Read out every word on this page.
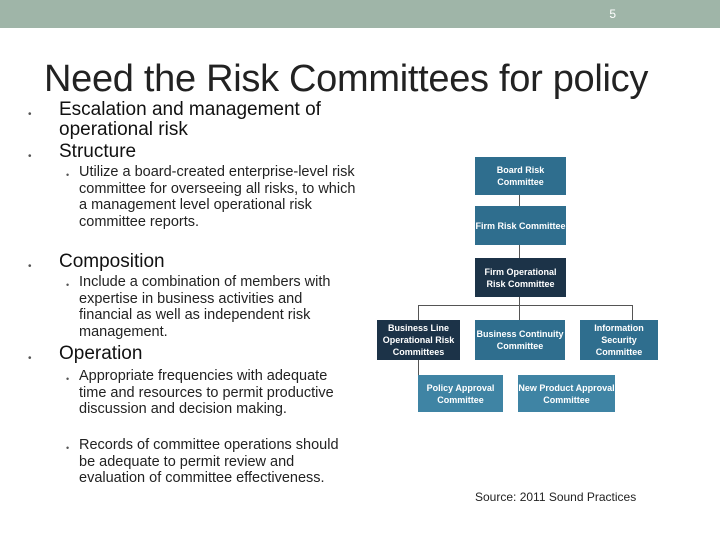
5
Need the Risk Committees for policy
•	Escalation and management of operational risk
•	Structure
• Utilize a board-created enterprise-level risk committee for overseeing all risks, to which a management level operational risk committee reports.
•	Composition
• Include a combination of members with expertise in business activities and financial as well as independent risk management.
•	Operation
• Appropriate frequencies with adequate time and resources to permit productive discussion and decision making.
• Records of committee operations should be adequate to permit review and evaluation of committee effectiveness.
Board Risk Committee
Firm Risk Committee
Firm Operational Risk Committee
Business Line Operational Risk Committees
Business Continuity Committee
Information Security Committee
Policy Approval Committee
New Product Approval Committee
Source: 2011 Sound Practices
